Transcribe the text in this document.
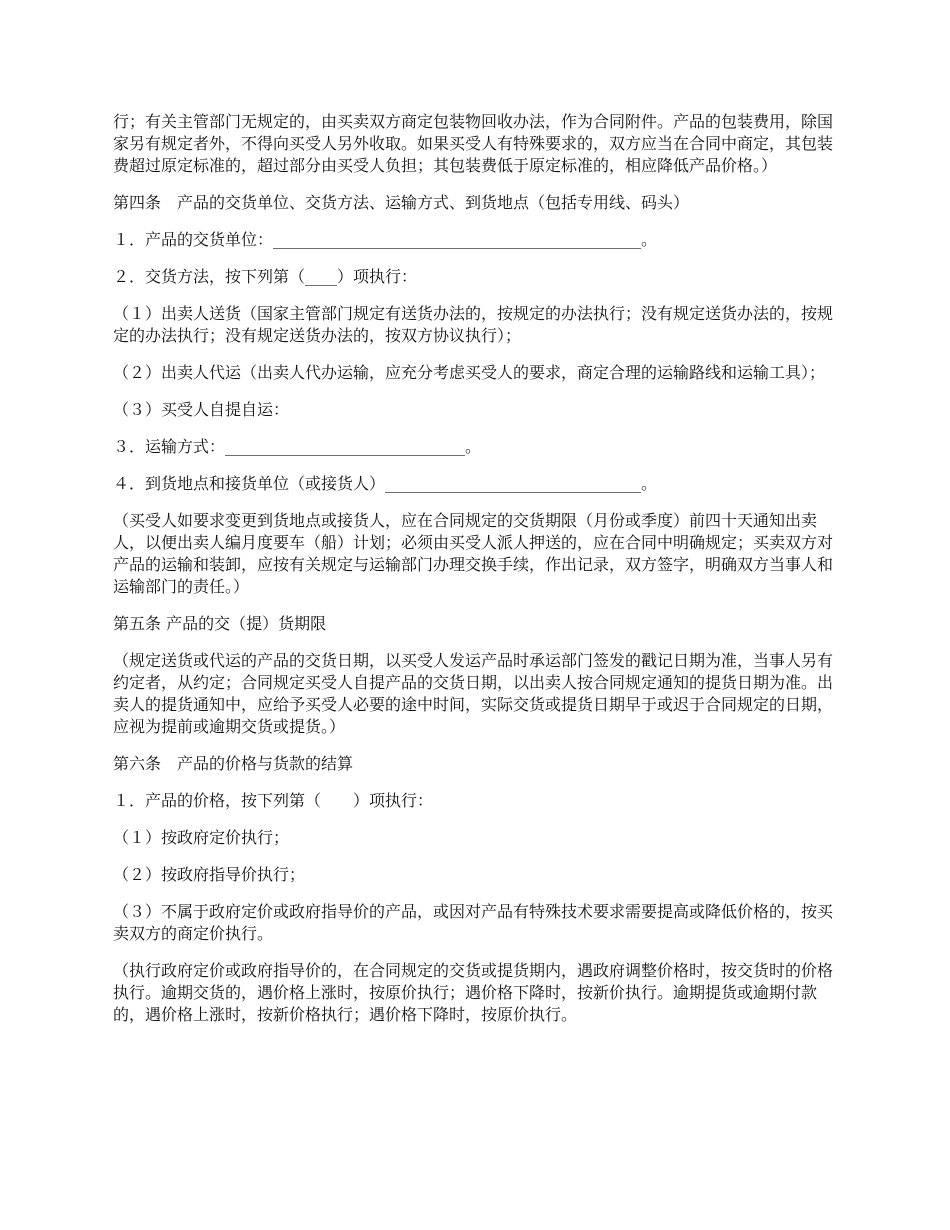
行；有关主管部门无规定的，由买卖双方商定包装物回收办法，作为合同附件。产品的包装费用，除国家另有规定者外，不得向买受人另外收取。如果买受人有特殊要求的，双方应当在合同中商定，其包装费超过原定标准的，超过部分由买受人负担；其包装费低于原定标准的，相应降低产品价格。）

第四条　产品的交货单位、交货方法、运输方式、到货地点（包括专用线、码头）

１．产品的交货单位：______________________________________________。

２．交货方法，按下列第（____）项执行：

（１）出卖人送货（国家主管部门规定有送货办法的，按规定的办法执行；没有规定送货办法的，按规定的办法执行；没有规定送货办法的，按双方协议执行）；

（２）出卖人代运（出卖人代办运输，应充分考虑买受人的要求，商定合理的运输路线和运输工具）；

（３）买受人自提自运：

３．运输方式：______________________________。

４．到货地点和接货单位（或接货人）________________________________。

（买受人如要求变更到货地点或接货人，应在合同规定的交货期限（月份或季度）前四十天通知出卖人，以便出卖人编月度要车（船）计划；必须由买受人派人押送的，应在合同中明确规定；买卖双方对产品的运输和装卸，应按有关规定与运输部门办理交换手续，作出记录，双方签字，明确双方当事人和运输部门的责任。）

第五条 产品的交（提）货期限

（规定送货或代运的产品的交货日期，以买受人发运产品时承运部门签发的戳记日期为准，当事人另有约定者，从约定；合同规定买受人自提产品的交货日期，以出卖人按合同规定通知的提货日期为准。出卖人的提货通知中，应给予买受人必要的途中时间，实际交货或提货日期早于或迟于合同规定的日期，应视为提前或逾期交货或提货。）

第六条　产品的价格与货款的结算

１．产品的价格，按下列第（　　）项执行：

（１）按政府定价执行；

（２）按政府指导价执行；

（３）不属于政府定价或政府指导价的产品，或因对产品有特殊技术要求需要提高或降低价格的，按买卖双方的商定价执行。

（执行政府定价或政府指导价的，在合同规定的交货或提货期内，遇政府调整价格时，按交货时的价格执行。逾期交货的，遇价格上涨时，按原价执行；遇价格下降时，按新价执行。逾期提货或逾期付款的，遇价格上涨时，按新价格执行；遇价格下降时，按原价执行。
